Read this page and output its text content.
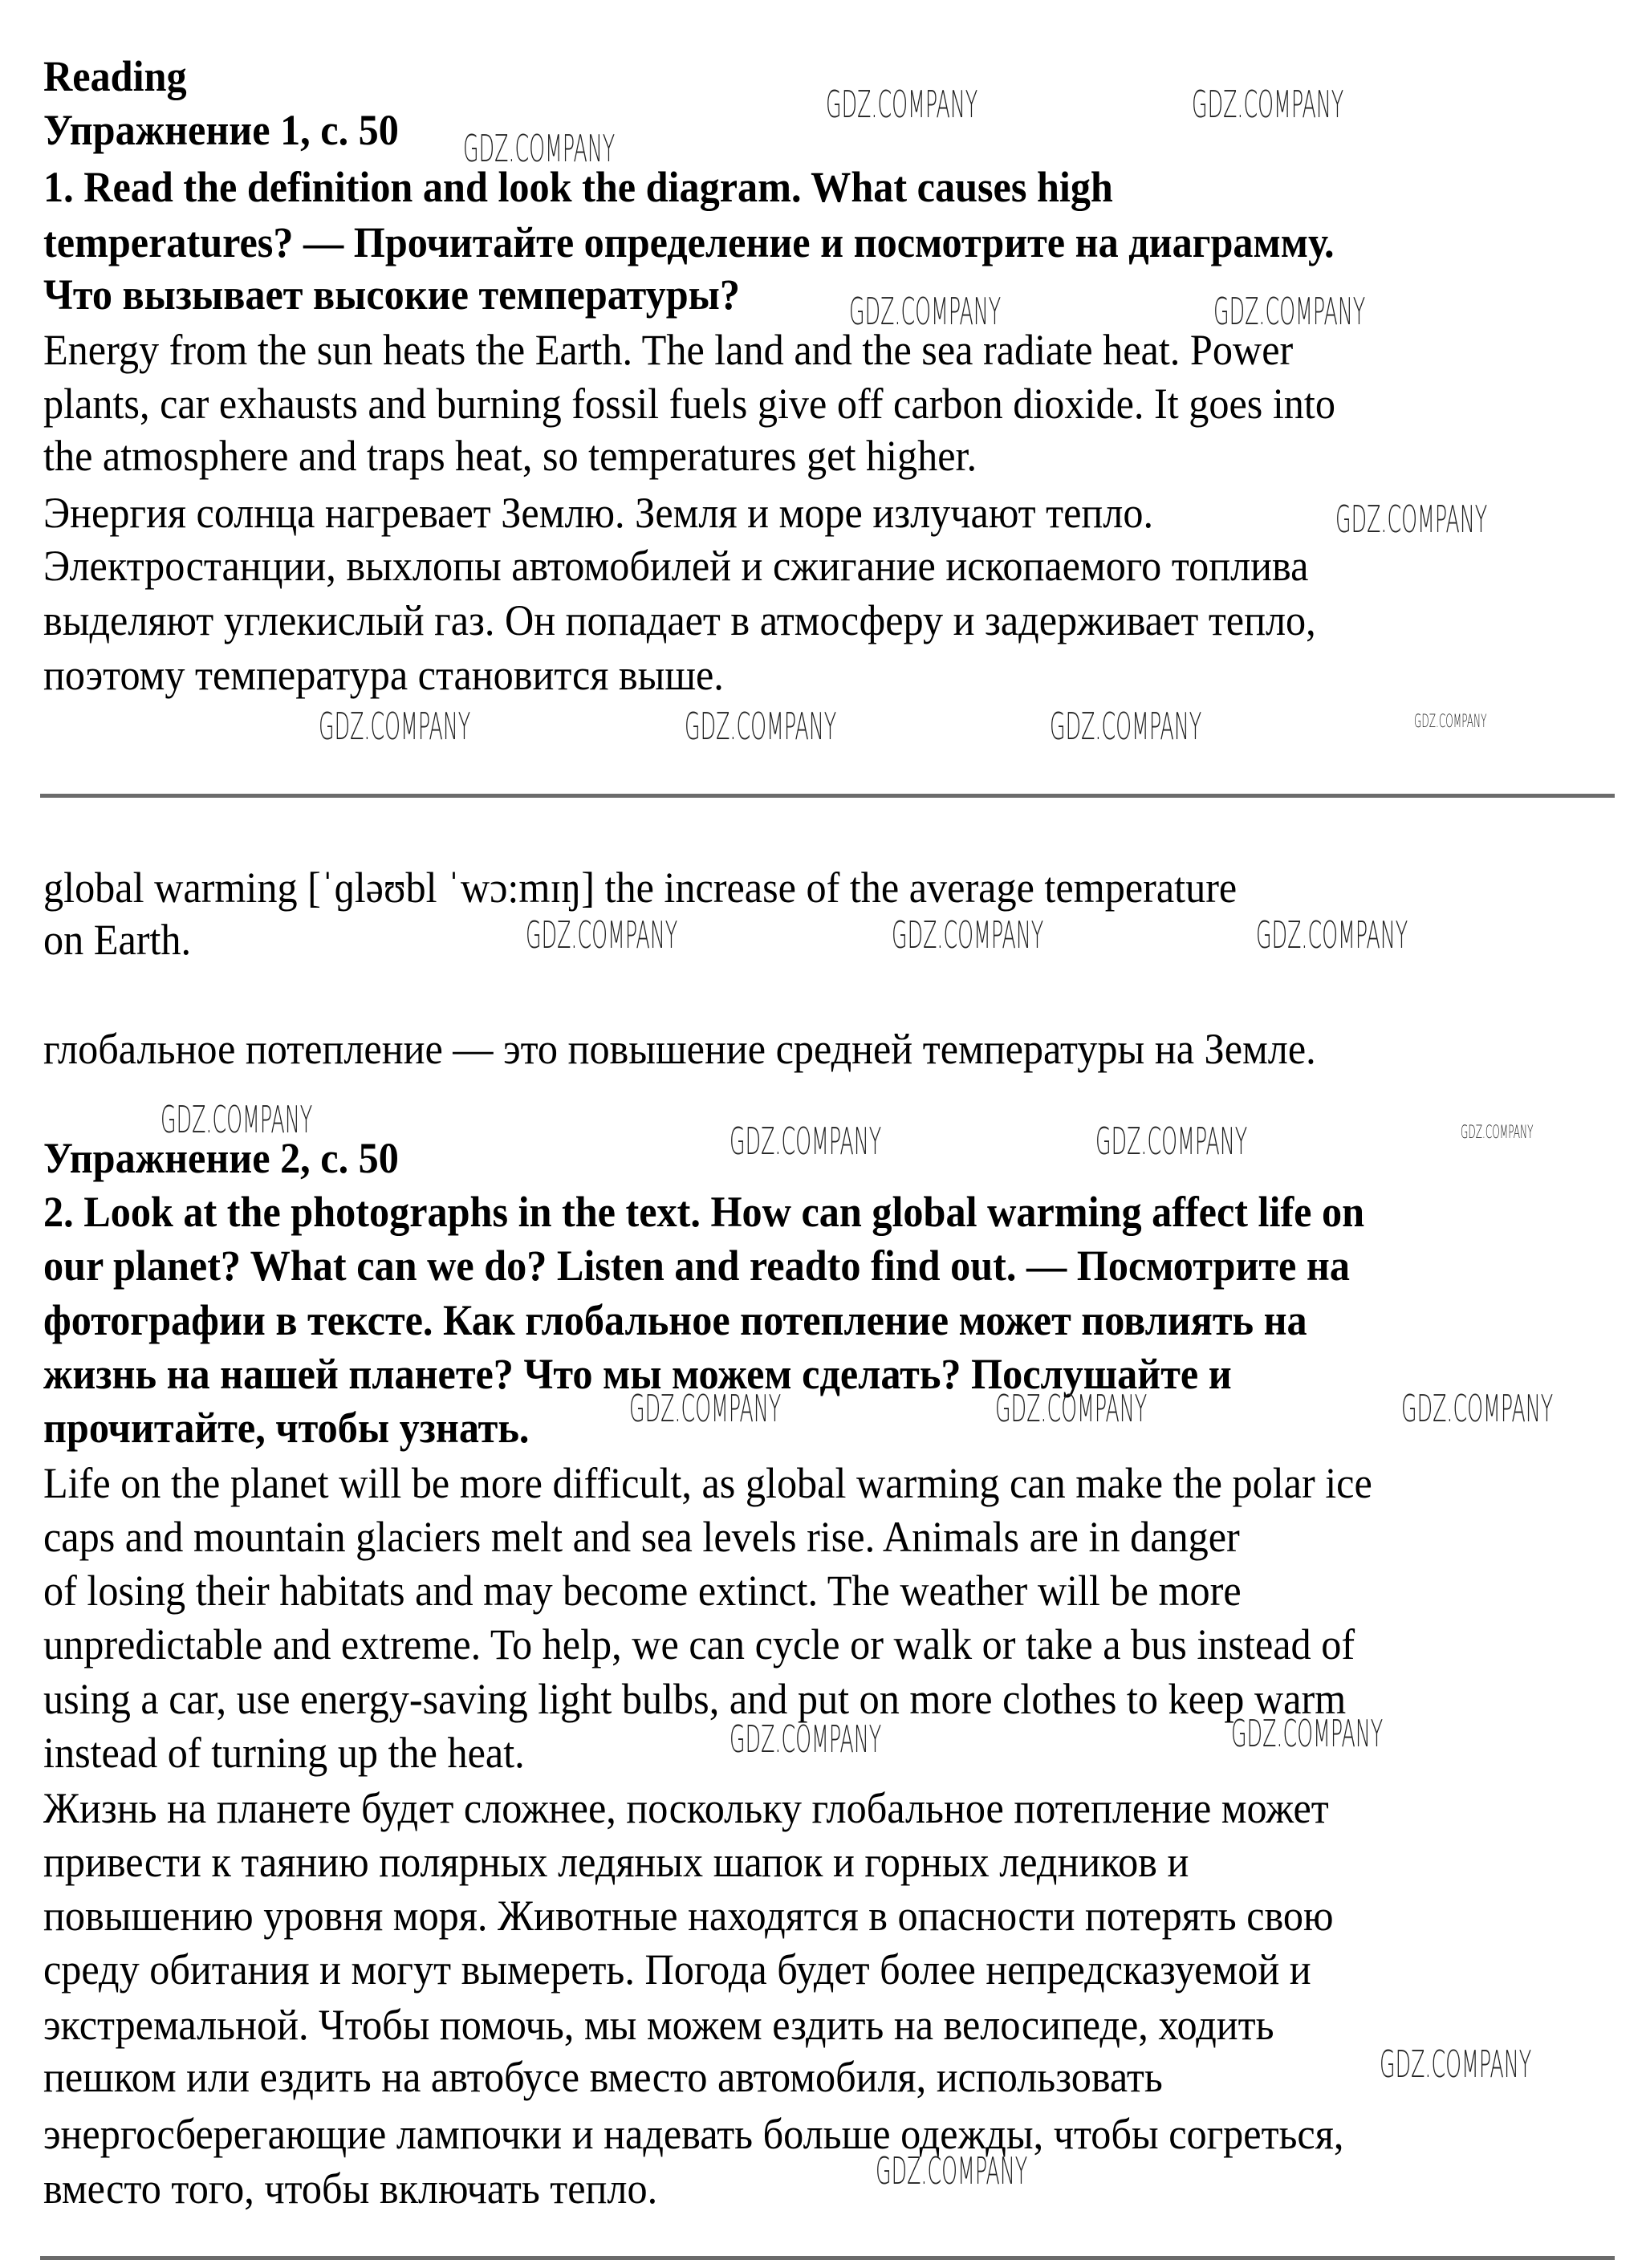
Reading
Упражнение 1, с. 50
1. Read the definition and look the diagram. What causes high
temperatures? — Прочитайте определение и посмотрите на диаграмму.
Что вызывает высокие температуры?
Energy from the sun heats the Earth. The land and the sea radiate heat. Power
plants, car exhausts and burning fossil fuels give off carbon dioxide. It goes into
the atmosphere and traps heat, so temperatures get higher.
Энергия солнца нагревает Землю. Земля и море излучают тепло.
Электростанции, выхлопы автомобилей и сжигание ископаемого топлива
выделяют углекислый газ. Он попадает в атмосферу и задерживает тепло,
поэтому температура становится выше.
global warming [ˈɡləʊbl ˈwɔ:mɪŋ] the increase of the average temperature
on Earth.
глобальное потепление — это повышение средней температуры на Земле.
Упражнение 2, с. 50
2. Look at the photographs in the text. How can global warming affect life on
our planet? What can we do? Listen and readto find out. — Посмотрите на
фотографии в тексте. Как глобальное потепление может повлиять на
жизнь на нашей планете? Что мы можем сделать? Послушайте и
прочитайте, чтобы узнать.
Life on the planet will be more difficult, as global warming can make the polar ice
caps and mountain glaciers melt and sea levels rise. Animals are in danger
of losing their habitats and may become extinct. The weather will be more
unpredictable and extreme. To help, we can cycle or walk or take a bus instead of
using a car, use energy-saving light bulbs, and put on more clothes to keep warm
instead of turning up the heat.
Жизнь на планете будет сложнее, поскольку глобальное потепление может
привести к таянию полярных ледяных шапок и горных ледников и
повышению уровня моря. Животные находятся в опасности потерять свою
среду обитания и могут вымереть. Погода будет более непредсказуемой и
экстремальной. Чтобы помочь, мы можем ездить на велосипеде, ходить
пешком или ездить на автобусе вместо автомобиля, использовать
энергосберегающие лампочки и надевать больше одежды, чтобы согреться,
вместо того, чтобы включать тепло.
GDZ.COMPANY	GDZ.COMPANY
GDZ.COMPANY
GDZ.COMPANY	GDZ.COMPANY
GDZ.COMPANY
GDZ.COMPANY	GDZ.COMPANY	GDZ.COMPANY	GDZ.COMPANY
GDZ.COMPANY	GDZ.COMPANY	GDZ.COMPANY
GDZ.COMPANY	GDZ.COMPANY	GDZ.COMPANY	GDZ.COMPANY
GDZ.COMPANY	GDZ.COMPANY	GDZ.COMPANY
GDZ.COMPANY	GDZ.COMPANY
GDZ.COMPANY
GDZ.COMPANY
